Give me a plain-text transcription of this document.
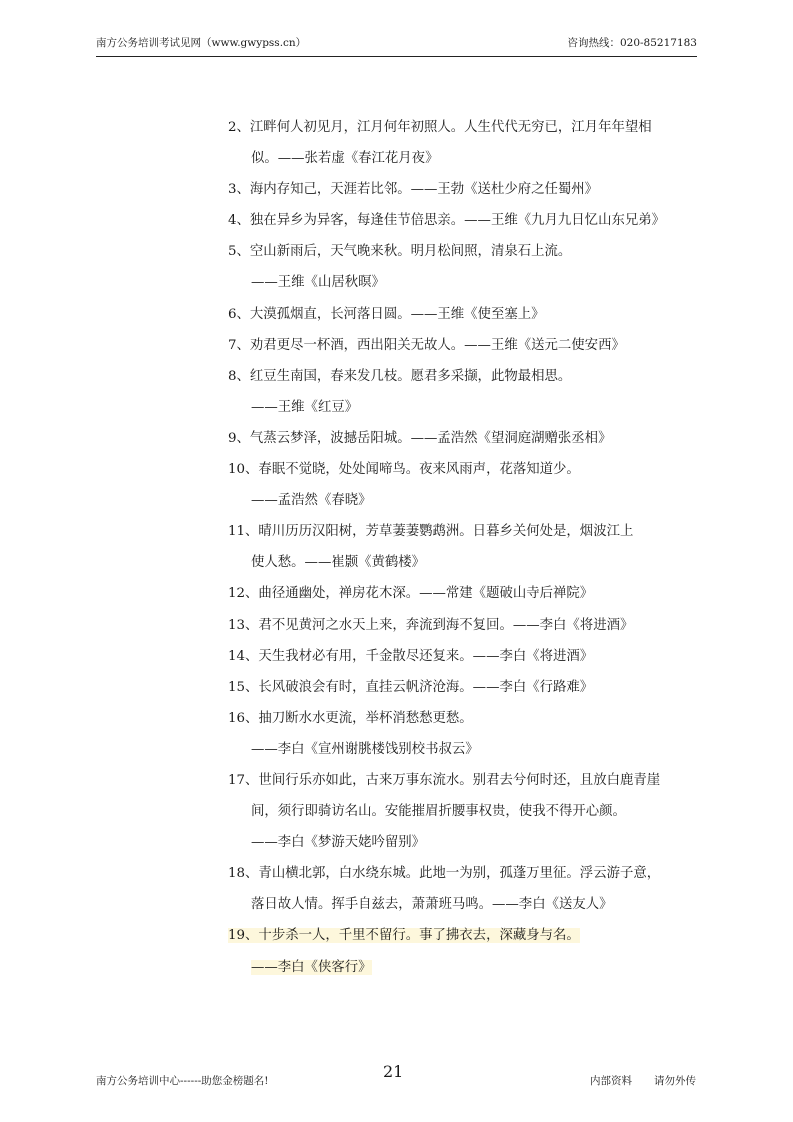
南方公务培训考试见网（www.gwypss.cn）	咨询热线：020-85217183
2、江畔何人初见月，江月何年初照人。人生代代无穷已，江月年年望相
似。——张若虚《春江花月夜》
3、海内存知己，天涯若比邻。——王勃《送杜少府之任蜀州》
4、独在异乡为异客，每逢佳节倍思亲。——王维《九月九日忆山东兄弟》
5、空山新雨后，天气晚来秋。明月松间照，清泉石上流。
——王维《山居秋暝》
6、大漠孤烟直，长河落日圆。——王维《使至塞上》
7、劝君更尽一杯酒，西出阳关无故人。——王维《送元二使安西》
8、红豆生南国，春来发几枝。愿君多采撷，此物最相思。
——王维《红豆》
9、气蒸云梦泽，波撼岳阳城。——孟浩然《望洞庭湖赠张丞相》
10、春眠不觉晓，处处闻啼鸟。夜来风雨声，花落知道少。
——孟浩然《春晓》
11、晴川历历汉阳树，芳草萋萋鹦鹉洲。日暮乡关何处是，烟波江上
使人愁。——崔颢《黄鹤楼》
12、曲径通幽处，禅房花木深。——常建《题破山寺后禅院》
13、君不见黄河之水天上来，奔流到海不复回。——李白《将进酒》
14、天生我材必有用，千金散尽还复来。——李白《将进酒》
15、长风破浪会有时，直挂云帆济沧海。——李白《行路难》
16、抽刀断水水更流，举杯消愁愁更愁。
——李白《宣州谢朓楼饯别校书叔云》
17、世间行乐亦如此，古来万事东流水。别君去兮何时还，且放白鹿青崖
间，须行即骑访名山。安能摧眉折腰事权贵，使我不得开心颜。
——李白《梦游天姥吟留别》
18、青山横北郭，白水绕东城。此地一为别，孤蓬万里征。浮云游子意，
落日故人情。挥手自兹去，萧萧班马鸣。——李白《送友人》
19、十步杀一人，千里不留行。事了拂衣去，深藏身与名。
——李白《侠客行》
南方公务培训中心------助您金榜题名!	21	内部资料 请勿外传
